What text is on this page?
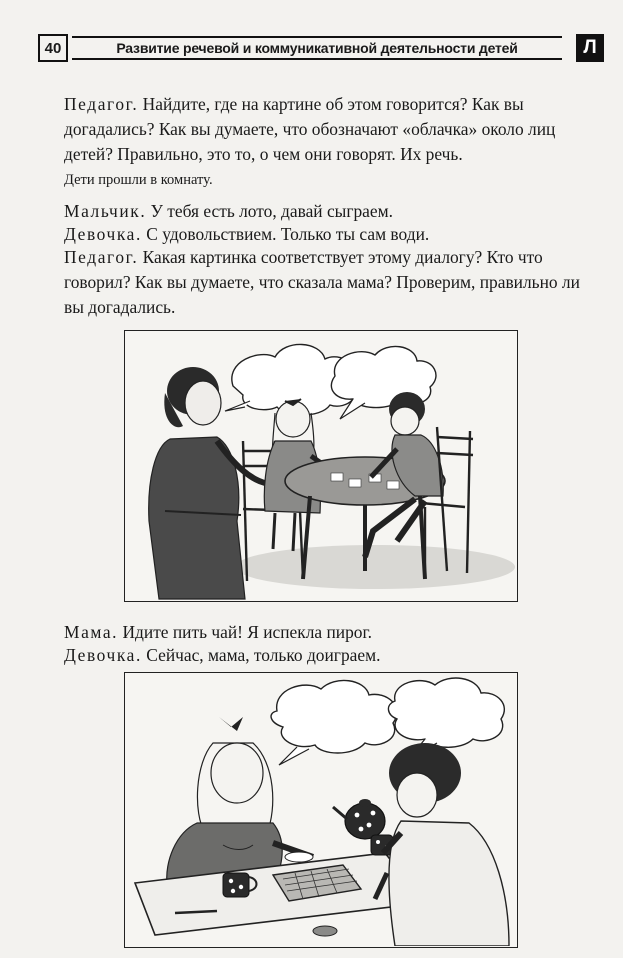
40	Развитие речевой и коммуникативной деятельности детей	Л

Педагог. Найдите, где на картине об этом говорится? Как вы догадались? Как вы думаете, что обозначают «облачка» около лиц детей? Правильно, это то, о чем они говорят. Их речь.

Дети прошли в комнату.

Мальчик. У тебя есть лото, давай сыграем.

Девочка. С удовольствием. Только ты сам води.

Педагог. Какая картинка соответствует этому диалогу? Кто что говорил? Как вы думаете, что сказала мама? Проверим, правильно ли вы догадались.

Мама. Идите пить чай! Я испекла пирог.

Девочка. Сейчас, мама, только доиграем.
